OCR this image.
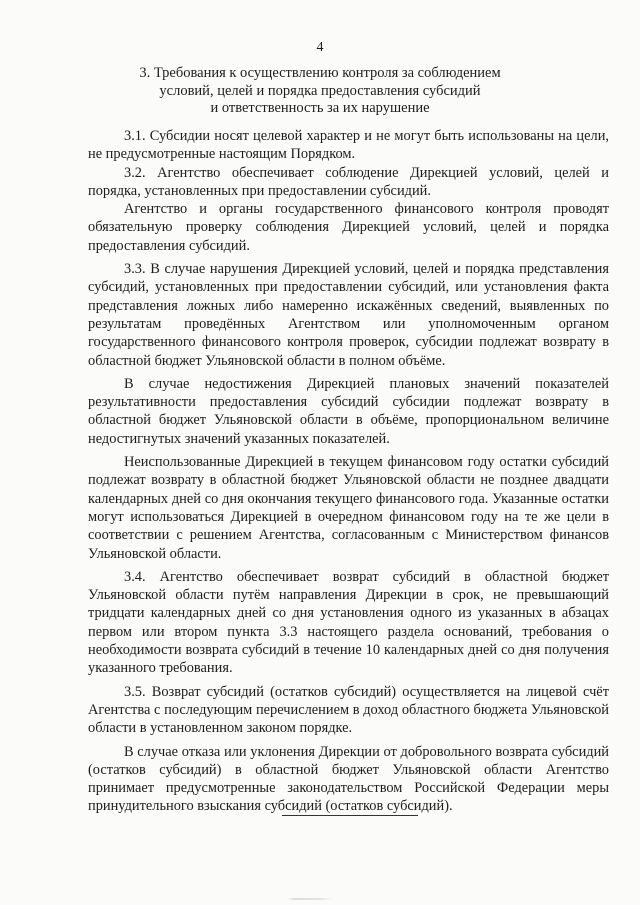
4
3. Требования к осуществлению контроля за соблюдением
условий, целей и порядка предоставления субсидий
и ответственность за их нарушение

3.1. Субсидии носят целевой характер и не могут быть использованы на цели, не предусмотренные настоящим Порядком.

3.2. Агентство обеспечивает соблюдение Дирекцией условий, целей и порядка, установленных при предоставлении субсидий.

Агентство и органы государственного финансового контроля проводят обязательную проверку соблюдения Дирекцией условий, целей и порядка предоставления субсидий.

3.3. В случае нарушения Дирекцией условий, целей и порядка представления субсидий, установленных при предоставлении субсидий, или установления факта представления ложных либо намеренно искажённых сведений, выявленных по результатам проведённых Агентством или уполномоченным органом государственного финансового контроля проверок, субсидии подлежат возврату в областной бюджет Ульяновской области в полном объёме.

В случае недостижения Дирекцией плановых значений показателей результативности предоставления субсидий субсидии подлежат возврату в областной бюджет Ульяновской области в объёме, пропорциональном величине недостигнутых значений указанных показателей.

Неиспользованные Дирекцией в текущем финансовом году остатки субсидий подлежат возврату в областной бюджет Ульяновской области не позднее двадцати календарных дней со дня окончания текущего финансового года. Указанные остатки могут использоваться Дирекцией в очередном финансовом году на те же цели в соответствии с решением Агентства, согласованным с Министерством финансов Ульяновской области.

3.4. Агентство обеспечивает возврат субсидий в областной бюджет Ульяновской области путём направления Дирекции в срок, не превышающий тридцати календарных дней со дня установления одного из указанных в абзацах первом или втором пункта 3.3 настоящего раздела оснований, требования о необходимости возврата субсидий в течение 10 календарных дней со дня получения указанного требования.

3.5. Возврат субсидий (остатков субсидий) осуществляется на лицевой счёт Агентства с последующим перечислением в доход областного бюджета Ульяновской области в установленном законом порядке.

В случае отказа или уклонения Дирекции от добровольного возврата субсидий (остатков субсидий) в областной бюджет Ульяновской области Агентство принимает предусмотренные законодательством Российской Федерации меры принудительного взыскания субсидий (остатков субсидий).
